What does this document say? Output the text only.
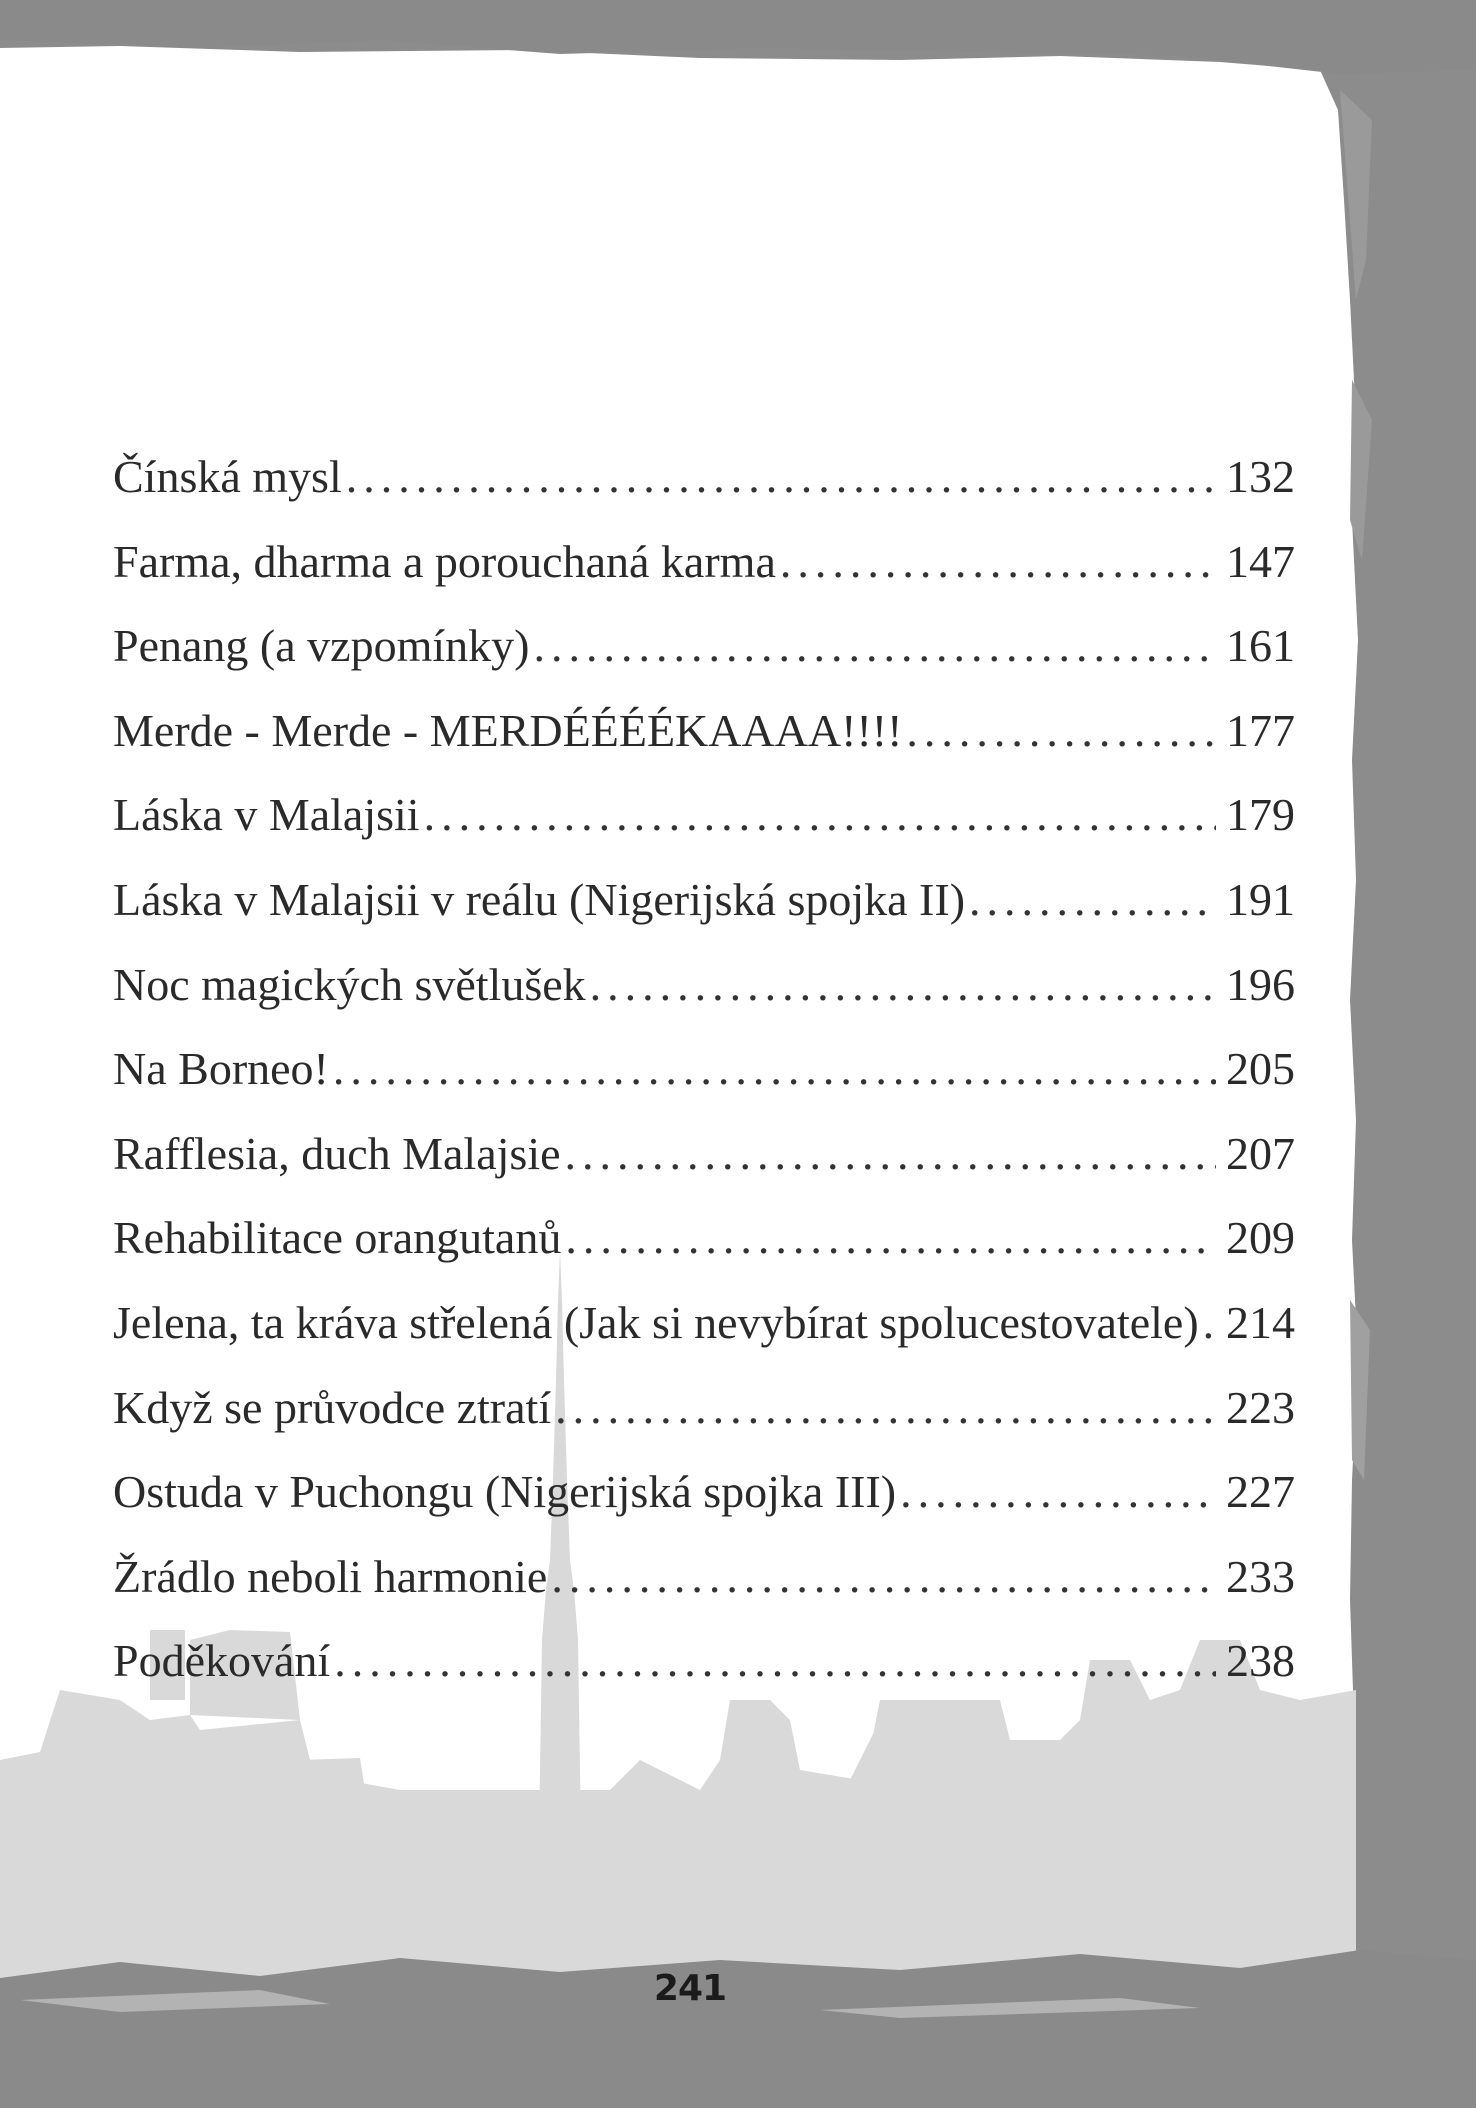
Čínská mysl .....	132
Farma, dharma a porouchaná karma .....	147
Penang (a vzpomínky) .....	161
Merde - Merde - MERDÉÉÉÉKAAAA!!!! .....	177
Láska v Malajsii .....	179
Láska v Malajsii v reálu (Nigerijská spojka II) .....	191
Noc magických světlušek .....	196
Na Borneo! .....	205
Rafflesia, duch Malajsie .....	207
Rehabilitace orangutanů .....	209
Jelena, ta kráva střelená (Jak si nevybírat spolucestovatele) ..... 214
Když se průvodce ztratí .....	223
Ostuda v Puchongu (Nigerijská spojka III) .....	227
Žrádlo neboli harmonie .....	233
Poděkování .....	238
241
